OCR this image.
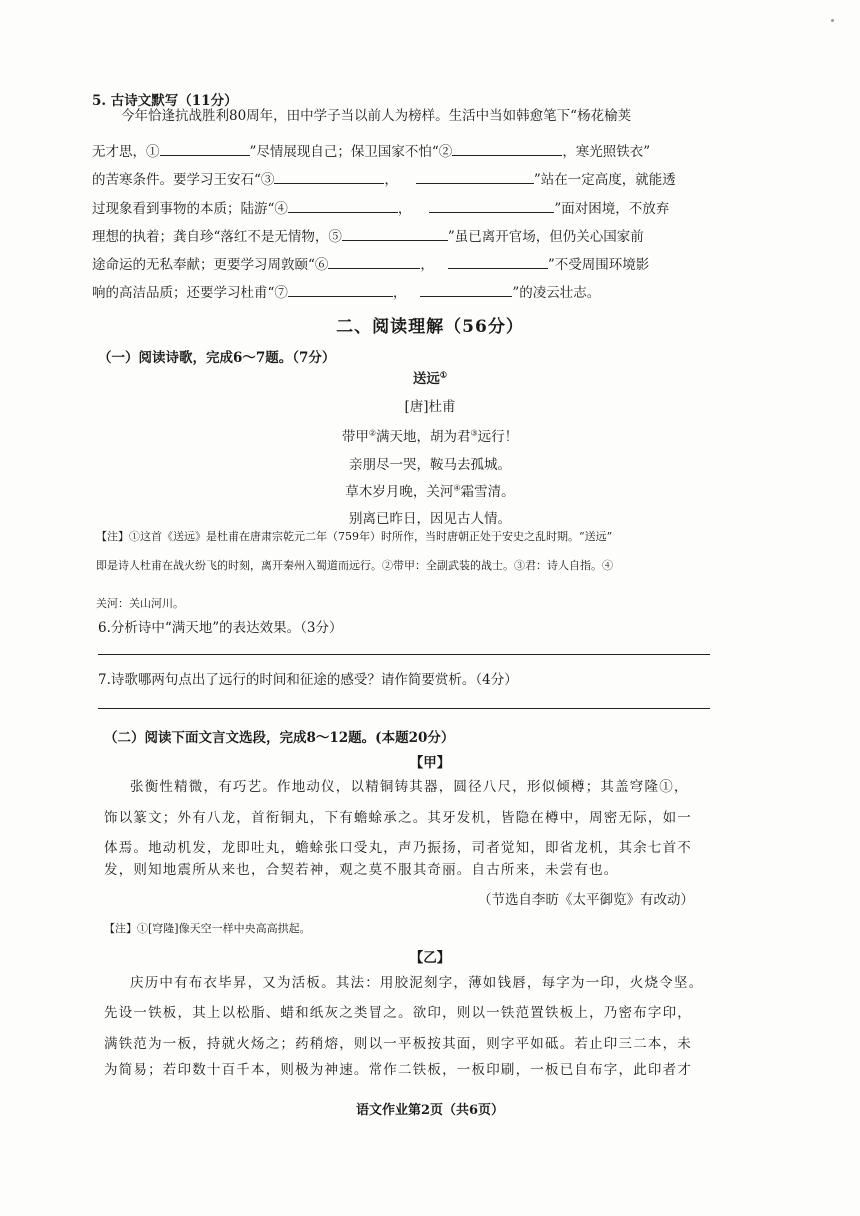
5. 古诗文默写（11分）
今年恰逢抗战胜利80周年，田中学子当以前人为榜样。生活中当如韩愈笔下“杨花榆荚
无才思，①	”尽情展现自己；保卫国家不怕“②	，寒光照铁衣”
的苦寒条件。要学习王安石“③	，	”站在一定高度，就能透
过现象看到事物的本质；陆游“④	，	”面对困境，不放弃
理想的执着；龚自珍“落红不是无情物，⑤	”虽已离开官场，但仍关心国家前
途命运的无私奉献；更要学习周敦颐“⑥	，	”不受周围环境影
响的高洁品质；还要学习杜甫“⑦	，	”的凌云壮志。
二、阅读理解（56分）
（一）阅读诗歌，完成6～7题。（7分）
送远①
[唐]杜甫
带甲②满天地，胡为君③远行！
亲朋尽一哭，鞍马去孤城。
草木岁月晚，关河④霜雪清。
别离已昨日，因见古人情。
【注】①这首《送远》是杜甫在唐肃宗乾元二年（759年）时所作，当时唐朝正处于安史之乱时期。“送远”
即是诗人杜甫在战火纷飞的时刻，离开秦州入蜀道而远行。②带甲：全副武装的战士。③君：诗人自指。④
关河：关山河川。
6.分析诗中“满天地”的表达效果。（3分）
7.诗歌哪两句点出了远行的时间和征途的感受？请作简要赏析。（4分）
（二）阅读下面文言文选段，完成8～12题。(本题20分）
【甲】
张衡性精微，有巧艺。作地动仪，以精铜铸其器，圆径八尺，形似倾樽；其盖穹隆①，
饰以篆文；外有八龙，首衔铜丸，下有蟾蜍承之。其牙发机，皆隐在樽中，周密无际，如一
体焉。地动机发，龙即吐丸，蟾蜍张口受丸，声乃振扬，司者觉知，即省龙机，其余七首不
发，则知地震所从来也，合契若神，观之莫不服其奇丽。自古所来，未尝有也。
（节选自李昉《太平御览》有改动）
【注】①[穹隆]像天空一样中央高高拱起。
【乙】
庆历中有布衣毕昇，又为活板。其法：用胶泥刻字，薄如钱唇，每字为一印，火烧令坚。
先设一铁板，其上以松脂、蜡和纸灰之类冒之。欲印，则以一铁范置铁板上，乃密布字印，
满铁范为一板，持就火炀之；药稍熔，则以一平板按其面，则字平如砥。若止印三二本，未
为简易；若印数十百千本，则极为神速。常作二铁板，一板印刷，一板已自布字，此印者才
语文作业第2页（共6页）
